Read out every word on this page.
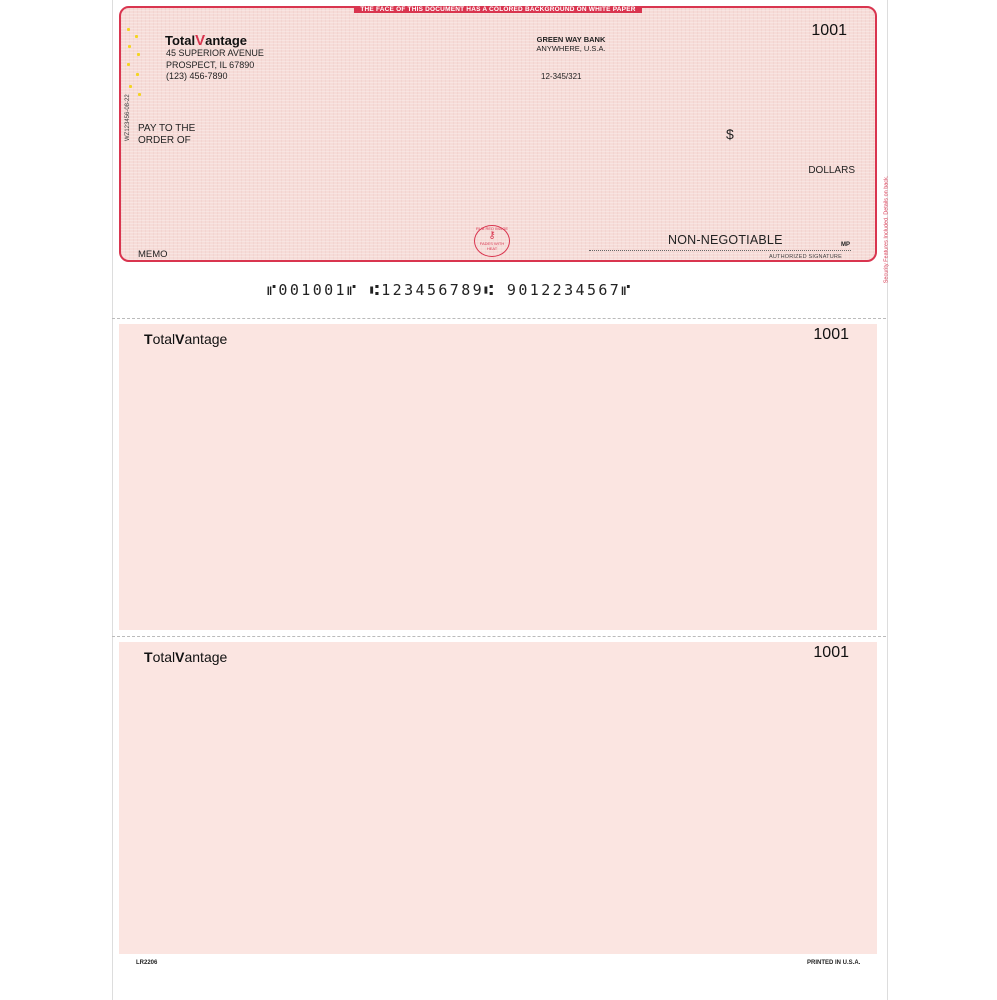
THE FACE OF THIS DOCUMENT HAS A COLORED BACKGROUND ON WHITE PAPER
TotalVantage
45 SUPERIOR AVENUE
PROSPECT, IL 67890
(123) 456-7890
GREEN WAY BANK
ANYWHERE, U.S.A.
12-345/321
1001
WZ123456-08-22 PAY TO THE
ORDER OF	$
DOLLARS
RUB RED IMAGE
⚷
FADES WITH HEAT
NON-NEGOTIABLE	MP
AUTHORIZED SIGNATURE
MEMO	Security Features Included. Details on back.
⑈001001⑈ ⑆123456789⑆ 9012234567⑈
TotalVantage	1001
TotalVantage	1001
LR2206	PRINTED IN U.S.A.
